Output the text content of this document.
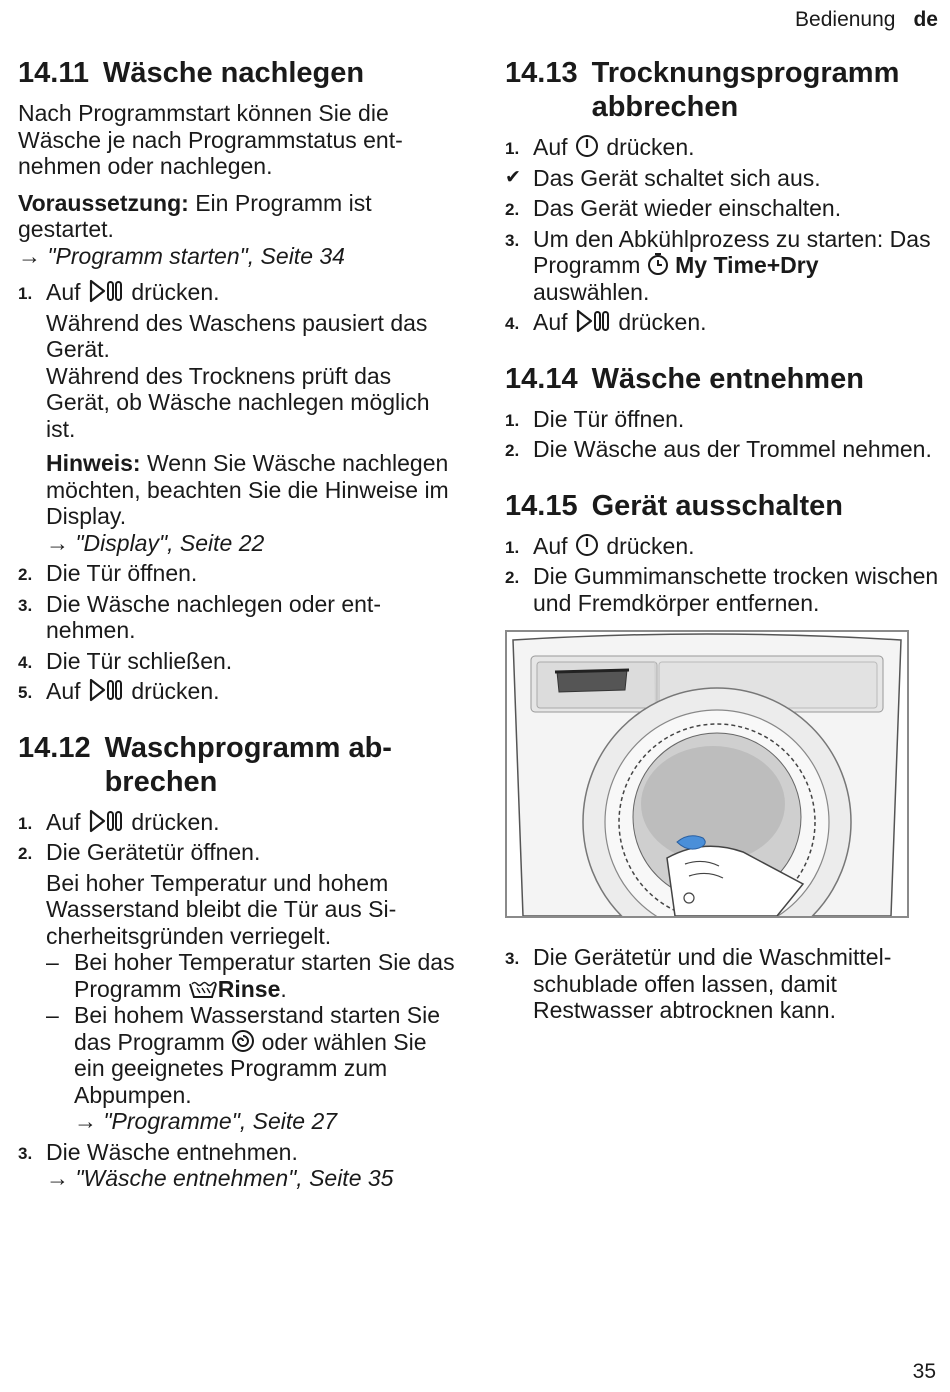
Bedienung de
14.11 Wäsche nachlegen

Nach Programmstart können Sie die Wäsche je nach Programmstatus entnehmen oder nachlegen.

Voraussetzung: Ein Programm ist gestartet.

→ "Programm starten", Seite 34

1. Auf drücken.

Während des Waschens pausiert das Gerät.

Während des Trocknens prüft das Gerät, ob Wäsche nachlegen möglich ist.

Hinweis: Wenn Sie Wäsche nachlegen möchten, beachten Sie die Hinweise im Display.

→ "Display", Seite 22

2. Die Tür öffnen.
3. Die Wäsche nachlegen oder entnehmen.
4. Die Tür schließen.
5. Auf drücken.
14.12 Waschprogramm abbrechen
1. Auf drücken.
2. Die Gerätetür öffnen.

Bei hoher Temperatur und hohem Wasserstand bleibt die Tür aus Sicherheitsgründen verriegelt.

– Bei hoher Temperatur starten Sie das Programm Rinse.
– Bei hohem Wasserstand starten Sie das Programm oder wählen Sie ein geeignetes Programm zum Abpumpen.

→ "Programme", Seite 27

3. Die Wäsche entnehmen.

→ "Wäsche entnehmen", Seite 35

14.13 Trocknungsprogramm abbrechen
1. Auf drücken.
✔ Das Gerät schaltet sich aus.
2. Das Gerät wieder einschalten.
3. Um den Abkühlprozess zu starten: Das Programm My Time+Dry auswählen.
4. Auf drücken.
14.14 Wäsche entnehmen
1. Die Tür öffnen.
2. Die Wäsche aus der Trommel nehmen.
14.15 Gerät ausschalten
1. Auf drücken.
2. Die Gummimanschette trocken wischen und Fremdkörper entfernen.
3. Die Gerätetür und die Waschmittelschublade offen lassen, damit Restwasser abtrocknen kann.
35
